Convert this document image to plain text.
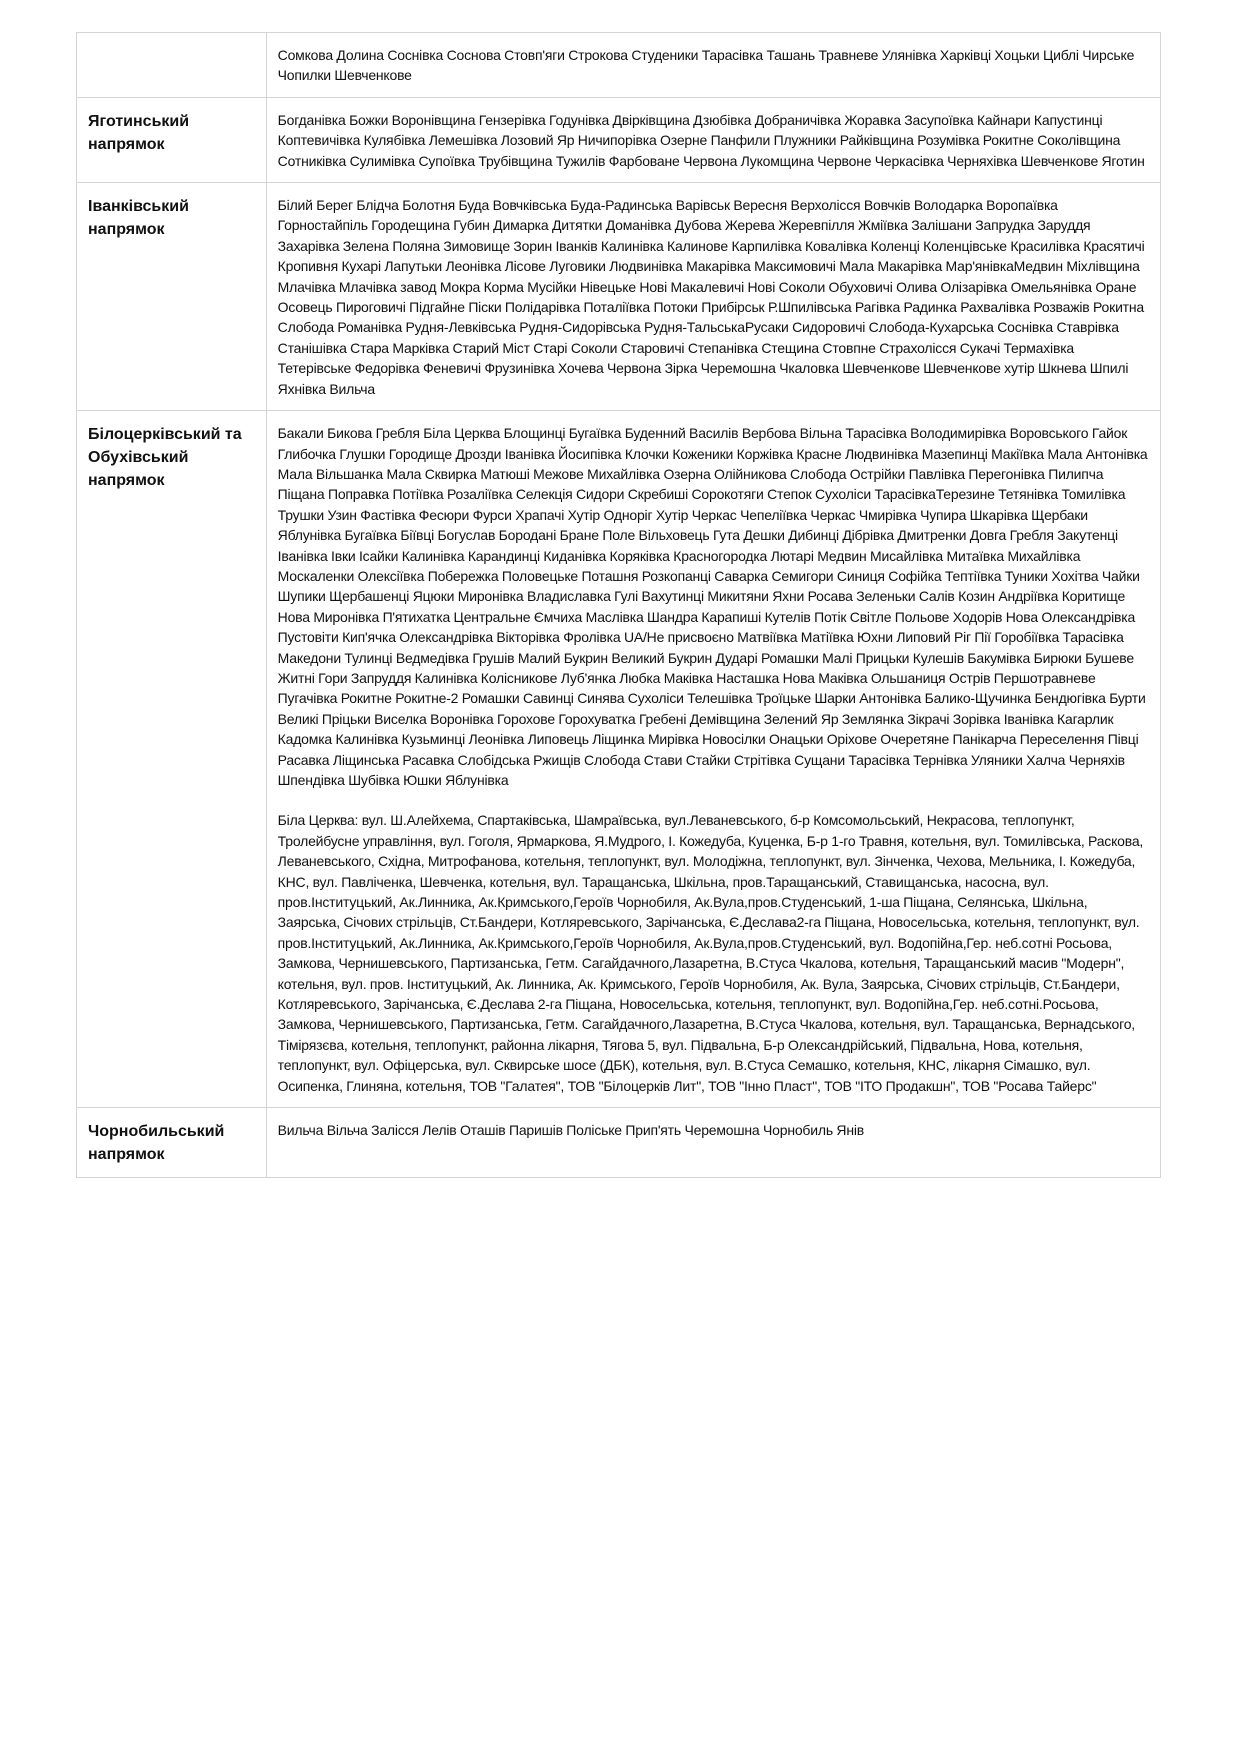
	Сомкова Долина Соснівка Соснова Стовп'яги Строкова Студеники Тарасівка Ташань Травневе Улянівка Харківці Хоцьки Циблі Чирське Чопилки Шевченкове

Яготинський напрямок	Богданівка Божки Воронівщина Гензерівка Годунівка Двірківщина Дзюбівка Добраничівка Жоравка Засупоївка Кайнари Капустинці Коптевичівка Кулябівка Лемешівка Лозовий Яр Ничипорівка Озерне Панфили Плужники Райківщина Розумівка Рокитне Соколівщина Сотниківка Сулимівка Супоївка Трубівщина Тужилів Фарбоване Червона Лукомщина Червоне Черкасівка Черняхівка Шевченкове Яготин

Іванківський напрямок	Білий Берег Блідча Болотня Буда Вовчківська Буда-Радинська Варівськ Вересня Верхолісся Вовчків Володарка Воропаївка Горностайпіль Городещина Губин Димарка Дитятки Доманівка Дубова Жерева Жеревпілля Жміївка Залішани Запрудка Заруддя Захарівка Зелена Поляна Зимовище Зорин Іванків Калинівка Калинове Карпилівка Ковалівка Коленці Коленцівське Красилівка Красятичі Кропивня Кухарі Лапутьки Леонівка Лісове Луговики Людвинівка Макарівка Максимовичі Мала Макарівка Мар'янівкаМедвин Міхлівщина Млачівка Млачівка завод Мокра Корма Мусійки Нівецьке Нові Макалевичі Нові Соколи Обуховичі Олива Олізарівка Омельянівка Оране Осовець Пироговичі Підгайне Піски Полідарівка Поталіївка Потоки Прибірськ Р.Шпилівська Рагівка Радинка Рахвалівка Розважів Рокитна Слобода Романівка Рудня-Левківська Рудня-Сидорівська Рудня-ТальськаРусаки Сидоровичі Слобода-Кухарська Соснівка Ставрівка Станішівка Стара Марківка Старий Міст Старі Соколи Старовичі Степанівка Стещина Стовпне Страхолісся Сукачі Термахівка Тетерівське Федорівка Феневичі Фрузинівка Хочева Червона Зірка Черемошна Чкаловка Шевченкове Шевченкове хутір Шкнева Шпилі Яхнівка Вильча

Білоцерківський та Обухівський напрямок	Бакали Бикова Гребля Біла Церква Блощинці Бугаївка Буденний Василів Вербова Вільна Тарасівка Володимирівка Воровського Гайок Глибочка Глушки Городище Дрозди Іванівка Йосипівка Клочки Коженики Коржівка Красне Людвинівка Мазепинці Макіївка Мала Антонівка Мала Вільшанка Мала Сквирка Матюші Межове Михайлівка Озерна Олійникова Слобода Острійки Павлівка Перегонівка Пилипча Піщана Поправка Потіївка Розаліївка Селекція Сидори Скребиші Сорокотяги Степок Сухоліси ТарасівкаТерезине Тетянівка Томилівка Трушки Узин Фастівка Фесюри Фурси Храпачі Хутір Одноріг Хутір Черкас Чепеліївка Черкас Чмирівка Чупира Шкарівка Щербаки Яблунівка Бугаївка Біївці Богуслав Бородані Бране Поле Вільховець Гута Дешки Дибинці Дібрівка Дмитренки Довга Гребля Закутенці Іванівка Івки Ісайки Калинівка Карандинці Киданівка Коряківка Красногородка Лютарі Медвин Мисайлівка Митаївка Михайлівка Москаленки Олексіївка Побережка Половецьке Поташня Розкопанці Саварка Семигори Синиця Софійка Тептіївка Туники Хохітва Чайки Шупики Щербашенці Яцюки Миронівка Владиславка Гулі Вахутинці Микитяни Яхни Росава Зеленьки Салів Козин Андріївка Коритище Нова Миронівка П'ятихатка Центральне Ємчиха Маслівка Шандра Карапиші Кутелів Потік Світле Польове Ходорів Нова Олександрівка Пустовіти Кип'ячка Олександрівка Вікторівка Фролівка UA/Не присвоєно Матвіївка Матіївка Юхни Липовий Ріг Пії Горобіївка Тарасівка Македони Тулинці Ведмедівка Грушів Малий Букрин Великий Букрин Дударі Ромашки Малі Прицьки Кулешів Бакумівка Бирюки Бушеве Житні Гори Запруддя Калинівка Колісникове Луб'янка Любка Маківка Насташка Нова Маківка Ольшаниця Острів Першотравневе Пугачівка Рокитне Рокитне-2 Ромашки Савинці Синява Сухоліси Телешівка Троїцьке Шарки Антонівка Балико-Щучинка Бендюгівка Бурти Великі Пріцьки Виселка Воронівка Горохове Горохуватка Гребені Демівщина Зелений Яр Землянка Зікрачі Зорівка Іванівка Кагарлик Кадомка Калинівка Кузьминці Леонівка Липовець Ліщинка Мирівка Новосілки Онацьки Оріхове Очеретяне Панікарча Переселення Півці Расавка Ліщинська Расавка Слобідська Ржищів Слобода Стави Стайки Стрітівка Сущани Тарасівка Тернівка Уляники Халча Черняхів Шпендівка Шубівка Юшки Яблунівка

Біла Церква: вул. Ш.Алейхема, Спартаківська, Шамраївська, вул.Леваневського, б-р Комсомольський, Некрасова, теплопункт, Тролейбусне управління, вул. Гоголя, Ярмаркова, Я.Мудрого, І. Кожедуба, Куценка, Б-р 1-го Травня, котельня, вул. Томилівська, Раскова, Леваневського, Східна, Митрофанова, котельня, теплопункт, вул. Молодіжна, теплопункт, вул. Зінченка, Чехова, Мельника, І. Кожедуба, КНС, вул. Павліченка, Шевченка, котельня, вул. Таращанська, Шкільна, пров.Таращанський, Ставищанська, насосна, вул. пров.Інституцький, Ак.Линника, Ак.Кримського,Героїв Чорнобиля, Ак.Вула,пров.Студенський, 1-ша Піщана, Селянська, Шкільна, Заярська, Січових стрільців, Ст.Бандери, Котляревського, Зарічанська, Є.Деслава2-га Піщана, Новосельська, котельня, теплопункт, вул. пров.Інституцький, Ак.Линника, Ак.Кримського,Героїв Чорнобиля, Ак.Вула,пров.Студенський, вул. Водопійна,Гер. неб.сотні Росьова, Замкова, Чернишевського, Партизанська, Гетм. Сагайдачного,Лазаретна, В.Стуса Чкалова, котельня, Таращанський масив "Модерн", котельня, вул. пров. Інституцький, Ак. Линника, Ак. Кримського, Героїв Чорнобиля, Ак. Вула, Заярська, Січових стрільців, Ст.Бандери, Котляревського, Зарічанська, Є.Деслава 2-га Піщана, Новосельська, котельня, теплопункт, вул. Водопійна,Гер. неб.сотні.Росьова, Замкова, Чернишевського, Партизанська, Гетм. Сагайдачного,Лазаретна, В.Стуса Чкалова, котельня, вул. Таращанська, Вернадського, Тімірязєва, котельня, теплопункт, районна лікарня, Тягова 5, вул. Підвальна, Б-р Олександрійський, Підвальна, Нова, котельня, теплопункт, вул. Офіцерська, вул. Сквирське шосе (ДБК), котельня, вул. В.Стуса Семашко, котельня, КНС, лікарня Сімашко, вул. Осипенка, Глиняна, котельня, ТОВ "Галатея", ТОВ "Білоцерків Лит", ТОВ "Інно Пласт", ТОВ "ІТО Продакшн", ТОВ "Росава Тайерс"

Чорнобильський напрямок	Вильча Вільча Залісся Лелів Оташів Паришів Поліське Прип'ять Черемошна Чорнобиль Янів
